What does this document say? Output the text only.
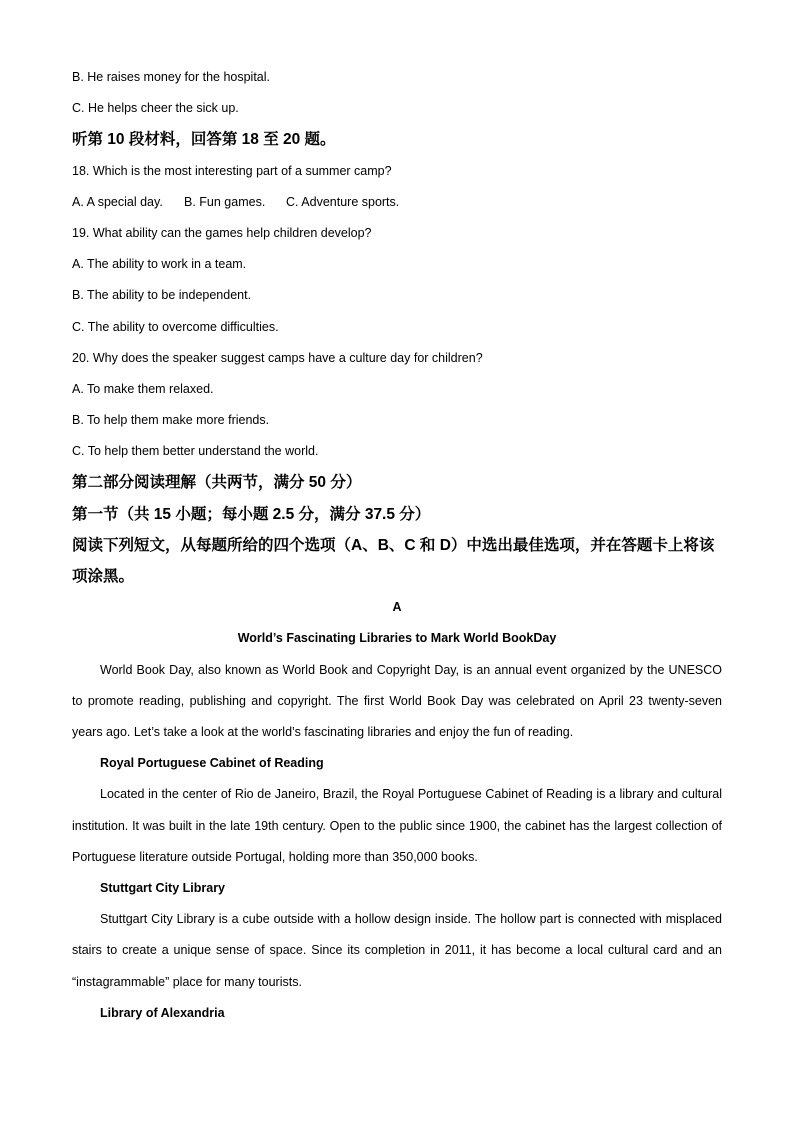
B. He raises money for the hospital.
C. He helps cheer the sick up.
听第 10 段材料，回答第 18 至 20 题。
18. Which is the most interesting part of a summer camp?
A. A special day. B. Fun games. C. Adventure sports.
19. What ability can the games help children develop?
A. The ability to work in a team.
B. The ability to be independent.
C. The ability to overcome difficulties.
20. Why does the speaker suggest camps have a culture day for children?
A. To make them relaxed.
B. To help them make more friends.
C. To help them better understand the world.
第二部分阅读理解（共两节，满分 50 分）
第一节（共 15 小题；每小题 2.5 分，满分 37.5 分）
阅读下列短文，从每题所给的四个选项（A、B、C 和 D）中选出最佳选项，并在答题卡上将该项涂黑。
A
World’s Fascinating Libraries to Mark World BookDay

World Book Day, also known as World Book and Copyright Day, is an annual event organized by the UNESCO to promote reading, publishing and copyright. The first World Book Day was celebrated on April 23 twenty-seven years ago. Let’s take a look at the world’s fascinating libraries and enjoy the fun of reading.

Royal Portuguese Cabinet of Reading

Located in the center of Rio de Janeiro, Brazil, the Royal Portuguese Cabinet of Reading is a library and cultural institution. It was built in the late 19th century. Open to the public since 1900, the cabinet has the largest collection of Portuguese literature outside Portugal, holding more than 350,000 books.

Stuttgart City Library

Stuttgart City Library is a cube outside with a hollow design inside. The hollow part is connected with misplaced stairs to create a unique sense of space. Since its completion in 2011, it has become a local cultural card and an “instagrammable” place for many tourists.

Library of Alexandria
